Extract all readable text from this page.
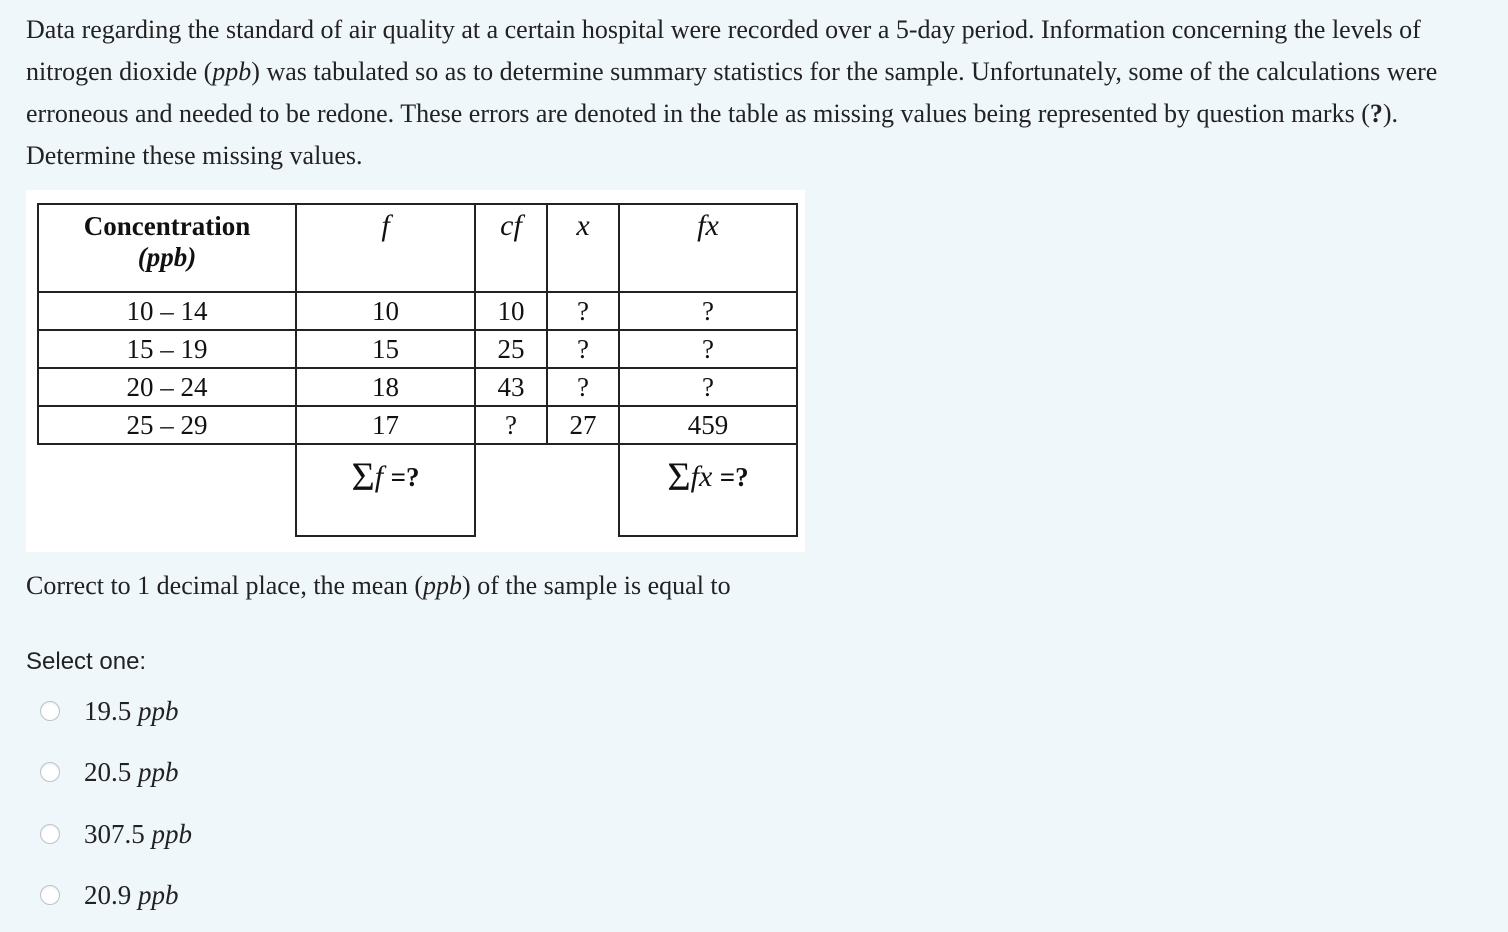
Data regarding the standard of air quality at a certain hospital were recorded over a 5-day period. Information concerning the levels of nitrogen dioxide (ppb) was tabulated so as to determine summary statistics for the sample. Unfortunately, some of the calculations were erroneous and needed to be redone. These errors are denoted in the table as missing values being represented by question marks (?). Determine these missing values.

Concentration
(ppb)	f	cf	x	fx

10 – 14	10	10	?	?
15 – 19	15	25	?	?
20 – 24	18	43	?	?
25 – 29	17	?	27	459

	Σf =?			Σfx =?

Correct to 1 decimal place, the mean (ppb) of the sample is equal to

Select one:
19.5
ppb
20.5
ppb
307.5
ppb
20.9
ppb
